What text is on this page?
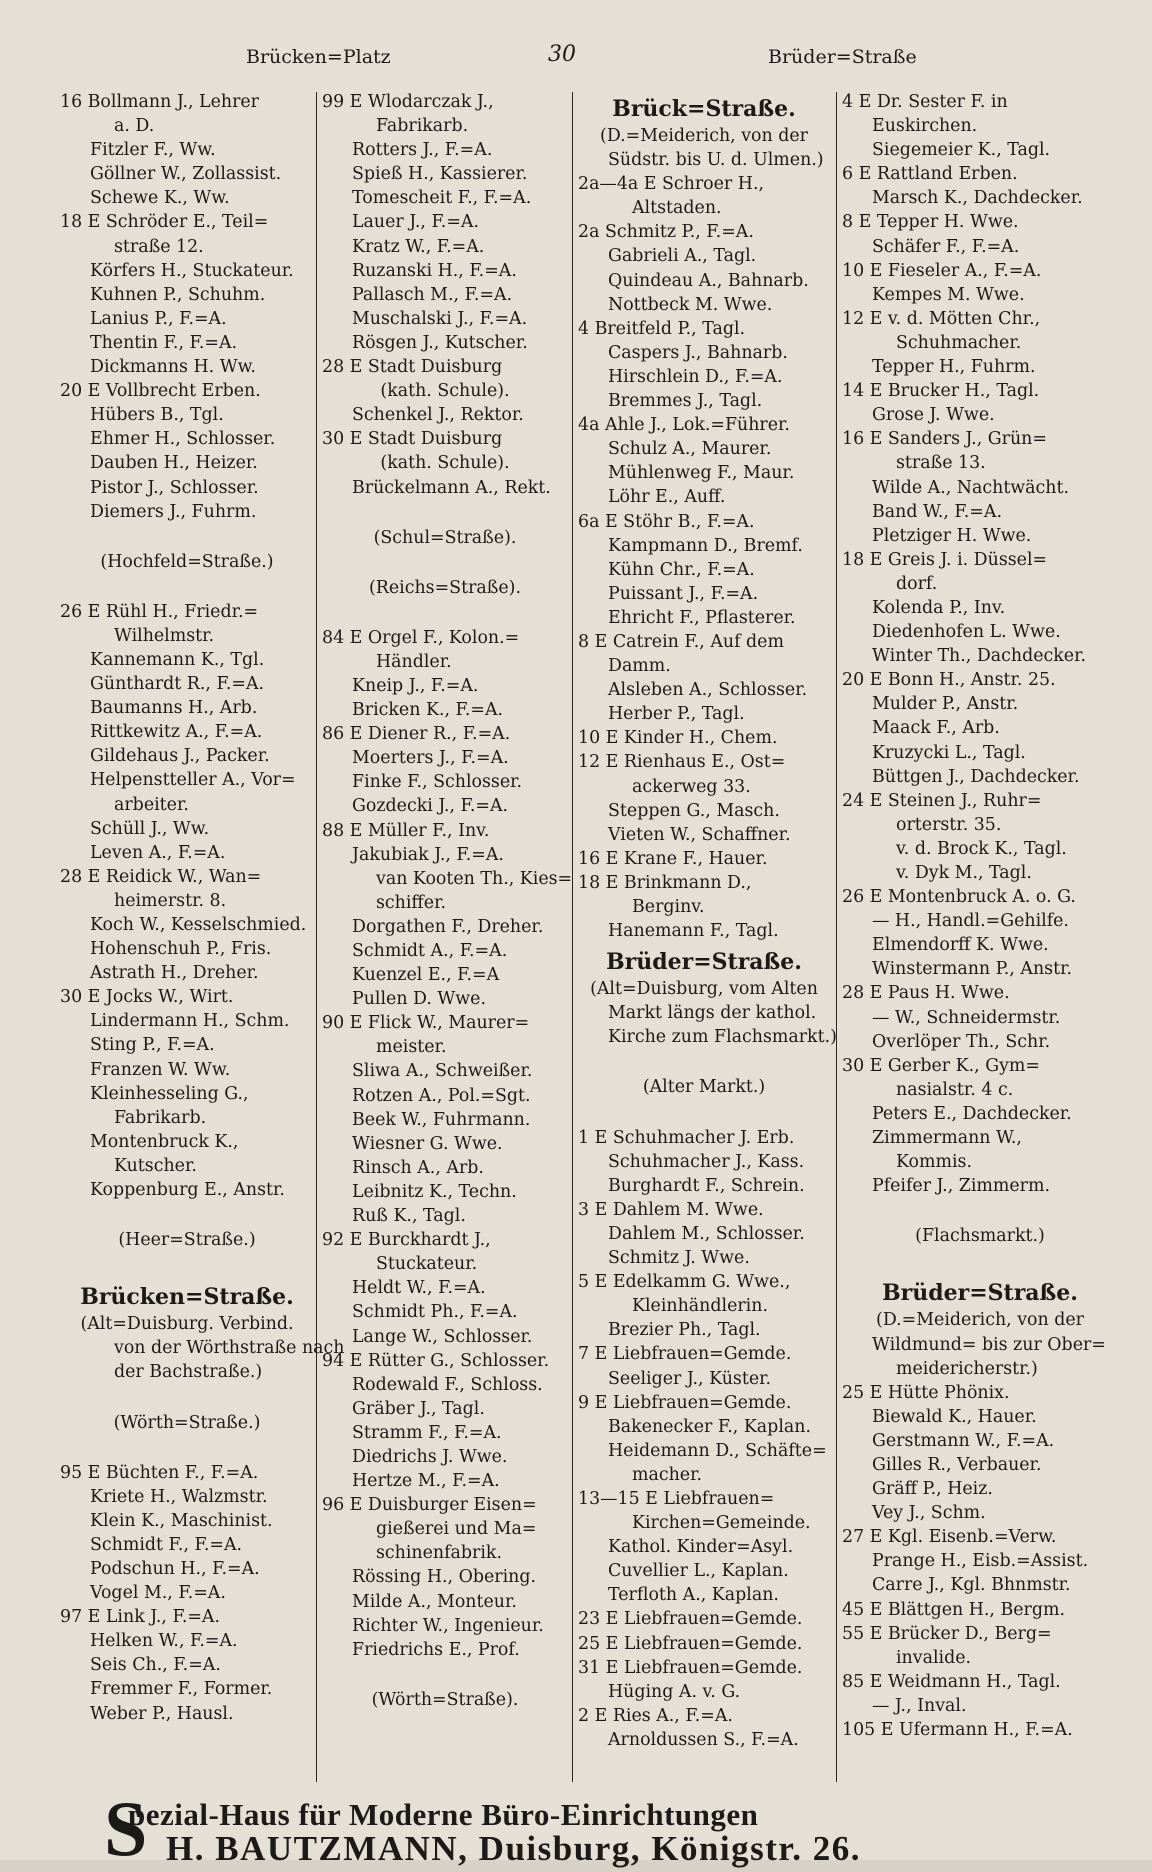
Brücken=Platz	30	Brüder=Straße
16 Bollmann J., Lehrer
a. D.
Fitzler F., Ww.
Göllner W., Zollassist.
Schewe K., Ww.
18 E Schröder E., Teil=
straße 12.
Körfers H., Stuckateur.
Kuhnen P., Schuhm.
Lanius P., F.=A.
Thentin F., F.=A.
Dickmanns H. Ww.
20 E Vollbrecht Erben.
Hübers B., Tgl.
Ehmer H., Schlosser.
Dauben H., Heizer.
Pistor J., Schlosser.
Diemers J., Fuhrm.
(Hochfeld=Straße.)
26 E Rühl H., Friedr.=
Wilhelmstr.
Kannemann K., Tgl.
Günthardt R., F.=A.
Baumanns H., Arb.
Rittkewitz A., F.=A.
Gildehaus J., Packer.
Helpenstteller A., Vor=
arbeiter.
Schüll J., Ww.
Leven A., F.=A.
28 E Reidick W., Wan=
heimerstr. 8.
Koch W., Kesselschmied.
Hohenschuh P., Fris.
Astrath H., Dreher.
30 E Jocks W., Wirt.
Lindermann H., Schm.
Sting P., F.=A.
Franzen W. Ww.
Kleinhesseling G.,
Fabrikarb.
Montenbruck K.,
Kutscher.
Koppenburg E., Anstr.
(Heer=Straße.)
Brücken=Straße.
(Alt=Duisburg. Verbind.
von der Wörthstraße nach
der Bachstraße.)
(Wörth=Straße.)
95 E Büchten F., F.=A.
Kriete H., Walzmstr.
Klein K., Maschinist.
Schmidt F., F.=A.
Podschun H., F.=A.
Vogel M., F.=A.
97 E Link J., F.=A.
Helken W., F.=A.
Seis Ch., F.=A.
Fremmer F., Former.
Weber P., Hausl.
99 E Wlodarczak J.,
Fabrikarb.
Rotters J., F.=A.
Spieß H., Kassierer.
Tomescheit F., F.=A.
Lauer J., F.=A.
Kratz W., F.=A.
Ruzanski H., F.=A.
Pallasch M., F.=A.
Muschalski J., F.=A.
Rösgen J., Kutscher.
28 E Stadt Duisburg
(kath. Schule).
Schenkel J., Rektor.
30 E Stadt Duisburg
(kath. Schule).
Brückelmann A., Rekt.
(Schul=Straße).
(Reichs=Straße).
84 E Orgel F., Kolon.=
Händler.
Kneip J., F.=A.
Bricken K., F.=A.
86 E Diener R., F.=A.
Moerters J., F.=A.
Finke F., Schlosser.
Gozdecki J., F.=A.
88 E Müller F., Inv.
Jakubiak J., F.=A.
van Kooten Th., Kies=
schiffer.
Dorgathen F., Dreher.
Schmidt A., F.=A.
Kuenzel E., F.=A
Pullen D. Wwe.
90 E Flick W., Maurer=
meister.
Sliwa A., Schweißer.
Rotzen A., Pol.=Sgt.
Beek W., Fuhrmann.
Wiesner G. Wwe.
Rinsch A., Arb.
Leibnitz K., Techn.
Ruß K., Tagl.
92 E Burckhardt J.,
Stuckateur.
Heldt W., F.=A.
Schmidt Ph., F.=A.
Lange W., Schlosser.
94 E Rütter G., Schlosser.
Rodewald F., Schloss.
Gräber J., Tagl.
Stramm F., F.=A.
Diedrichs J. Wwe.
Hertze M., F.=A.
96 E Duisburger Eisen=
gießerei und Ma=
schinenfabrik.
Rössing H., Obering.
Milde A., Monteur.
Richter W., Ingenieur.
Friedrichs E., Prof.
(Wörth=Straße).
Brück=Straße.
(D.=Meiderich, von der
Südstr. bis U. d. Ulmen.)
2a—4a E Schroer H.,
Altstaden.
2a Schmitz P., F.=A.
Gabrieli A., Tagl.
Quindeau A., Bahnarb.
Nottbeck M. Wwe.
4 Breitfeld P., Tagl.
Caspers J., Bahnarb.
Hirschlein D., F.=A.
Bremmes J., Tagl.
4a Ahle J., Lok.=Führer.
Schulz A., Maurer.
Mühlenweg F., Maur.
Löhr E., Auff.
6a E Stöhr B., F.=A.
Kampmann D., Bremf.
Kühn Chr., F.=A.
Puissant J., F.=A.
Ehricht F., Pflasterer.
8 E Catrein F., Auf dem
Damm.
Alsleben A., Schlosser.
Herber P., Tagl.
10 E Kinder H., Chem.
12 E Rienhaus E., Ost=
ackerweg 33.
Steppen G., Masch.
Vieten W., Schaffner.
16 E Krane F., Hauer.
18 E Brinkmann D.,
Berginv.
Hanemann F., Tagl.
Brüder=Straße.
(Alt=Duisburg, vom Alten
Markt längs der kathol.
Kirche zum Flachsmarkt.)
(Alter Markt.)
1 E Schuhmacher J. Erb.
Schuhmacher J., Kass.
Burghardt F., Schrein.
3 E Dahlem M. Wwe.
Dahlem M., Schlosser.
Schmitz J. Wwe.
5 E Edelkamm G. Wwe.,
Kleinhändlerin.
Brezier Ph., Tagl.
7 E Liebfrauen=Gemde.
Seeliger J., Küster.
9 E Liebfrauen=Gemde.
Bakenecker F., Kaplan.
Heidemann D., Schäfte=
macher.
13—15 E Liebfrauen=
Kirchen=Gemeinde.
Kathol. Kinder=Asyl.
Cuvellier L., Kaplan.
Terfloth A., Kaplan.
23 E Liebfrauen=Gemde.
25 E Liebfrauen=Gemde.
31 E Liebfrauen=Gemde.
Hüging A. v. G.
2 E Ries A., F.=A.
Arnoldussen S., F.=A.
4 E Dr. Sester F. in
Euskirchen.
Siegemeier K., Tagl.
6 E Rattland Erben.
Marsch K., Dachdecker.
8 E Tepper H. Wwe.
Schäfer F., F.=A.
10 E Fieseler A., F.=A.
Kempes M. Wwe.
12 E v. d. Mötten Chr.,
Schuhmacher.
Tepper H., Fuhrm.
14 E Brucker H., Tagl.
Grose J. Wwe.
16 E Sanders J., Grün=
straße 13.
Wilde A., Nachtwächt.
Band W., F.=A.
Pletziger H. Wwe.
18 E Greis J. i. Düssel=
dorf.
Kolenda P., Inv.
Diedenhofen L. Wwe.
Winter Th., Dachdecker.
20 E Bonn H., Anstr. 25.
Mulder P., Anstr.
Maack F., Arb.
Kruzycki L., Tagl.
Büttgen J., Dachdecker.
24 E Steinen J., Ruhr=
orterstr. 35.
v. d. Brock K., Tagl.
v. Dyk M., Tagl.
26 E Montenbruck A. o. G.
— H., Handl.=Gehilfe.
Elmendorff K. Wwe.
Winstermann P., Anstr.
28 E Paus H. Wwe.
— W., Schneidermstr.
Overlöper Th., Schr.
30 E Gerber K., Gym=
nasialstr. 4 c.
Peters E., Dachdecker.
Zimmermann W.,
Kommis.
Pfeifer J., Zimmerm.
(Flachsmarkt.)
Brüder=Straße.
(D.=Meiderich, von der
Wildmund= bis zur Ober=
meidericherstr.)
25 E Hütte Phönix.
Biewald K., Hauer.
Gerstmann W., F.=A.
Gilles R., Verbauer.
Gräff P., Heiz.
Vey J., Schm.
27 E Kgl. Eisenb.=Verw.
Prange H., Eisb.=Assist.
Carre J., Kgl. Bhnmstr.
45 E Blättgen H., Bergm.
55 E Brücker D., Berg=
invalide.
85 E Weidmann H., Tagl.
— J., Inval.
105 E Ufermann H., F.=A.
S
pezial-Haus für Moderne Büro-Einrichtungen
H. BAUTZMANN, Duisburg, Königstr. 26.
